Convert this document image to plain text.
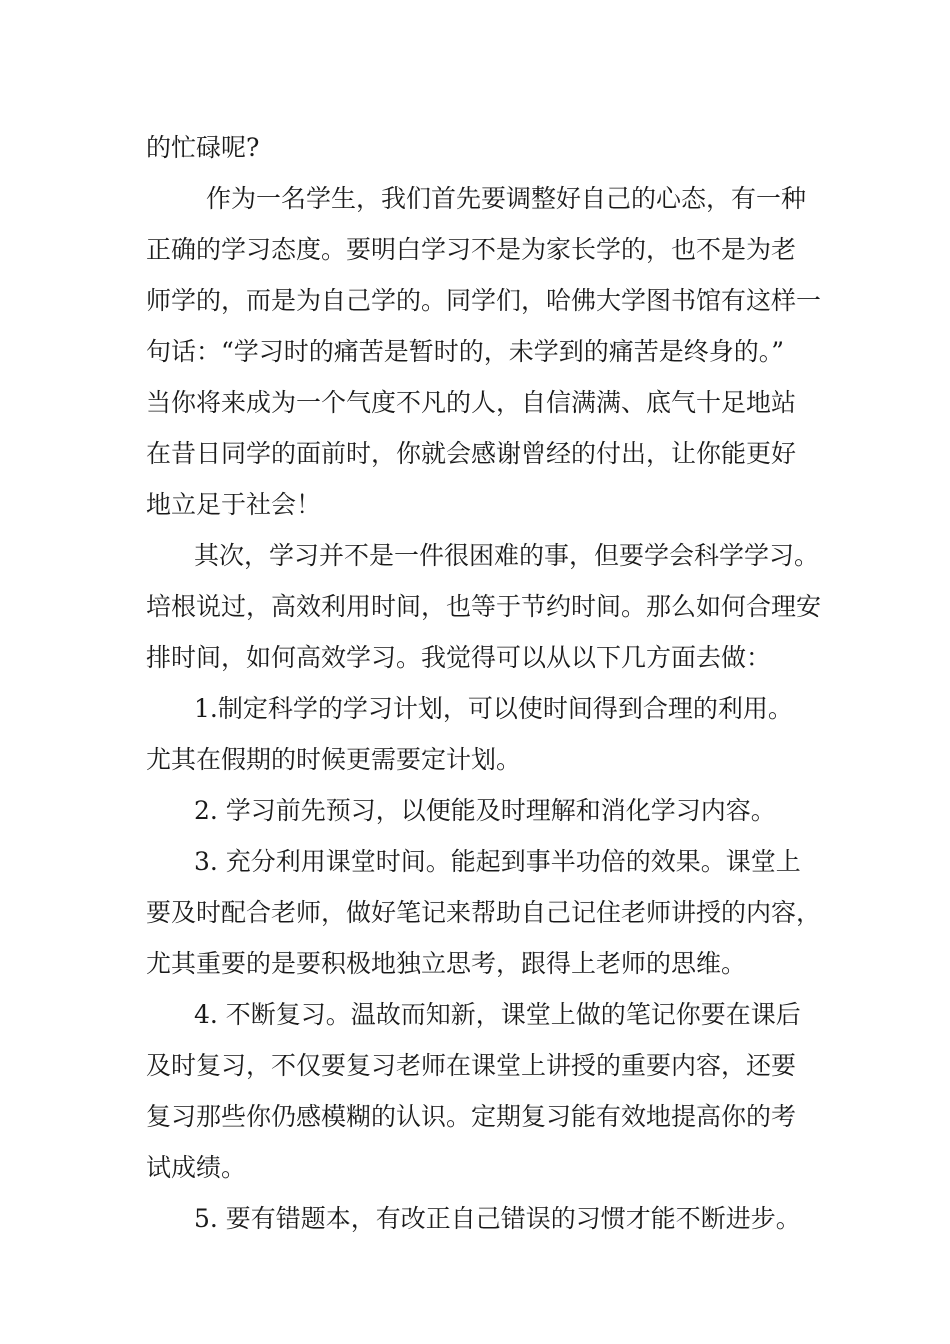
的忙碌呢?
作为一名学生，我们首先要调整好自己的心态，有一种
正确的学习态度。要明白学习不是为家长学的，也不是为老
师学的，而是为自己学的。同学们，哈佛大学图书馆有这样一
句话：“学习时的痛苦是暂时的，未学到的痛苦是终身的。”
当你将来成为一个气度不凡的人，自信满满、底气十足地站
在昔日同学的面前时，你就会感谢曾经的付出，让你能更好
地立足于社会！
其次，学习并不是一件很困难的事，但要学会科学学习。
培根说过，高效利用时间，也等于节约时间。那么如何合理安
排时间，如何高效学习。我觉得可以从以下几方面去做：
1.制定科学的学习计划，可以使时间得到合理的利用。
尤其在假期的时候更需要定计划。
2. 学习前先预习，以便能及时理解和消化学习内容。
3. 充分利用课堂时间。能起到事半功倍的效果。课堂上
要及时配合老师，做好笔记来帮助自己记住老师讲授的内容，
尤其重要的是要积极地独立思考，跟得上老师的思维。
4. 不断复习。温故而知新，课堂上做的笔记你要在课后
及时复习，不仅要复习老师在课堂上讲授的重要内容，还要
复习那些你仍感模糊的认识。定期复习能有效地提高你的考
试成绩。
5. 要有错题本，有改正自己错误的习惯才能不断进步。
